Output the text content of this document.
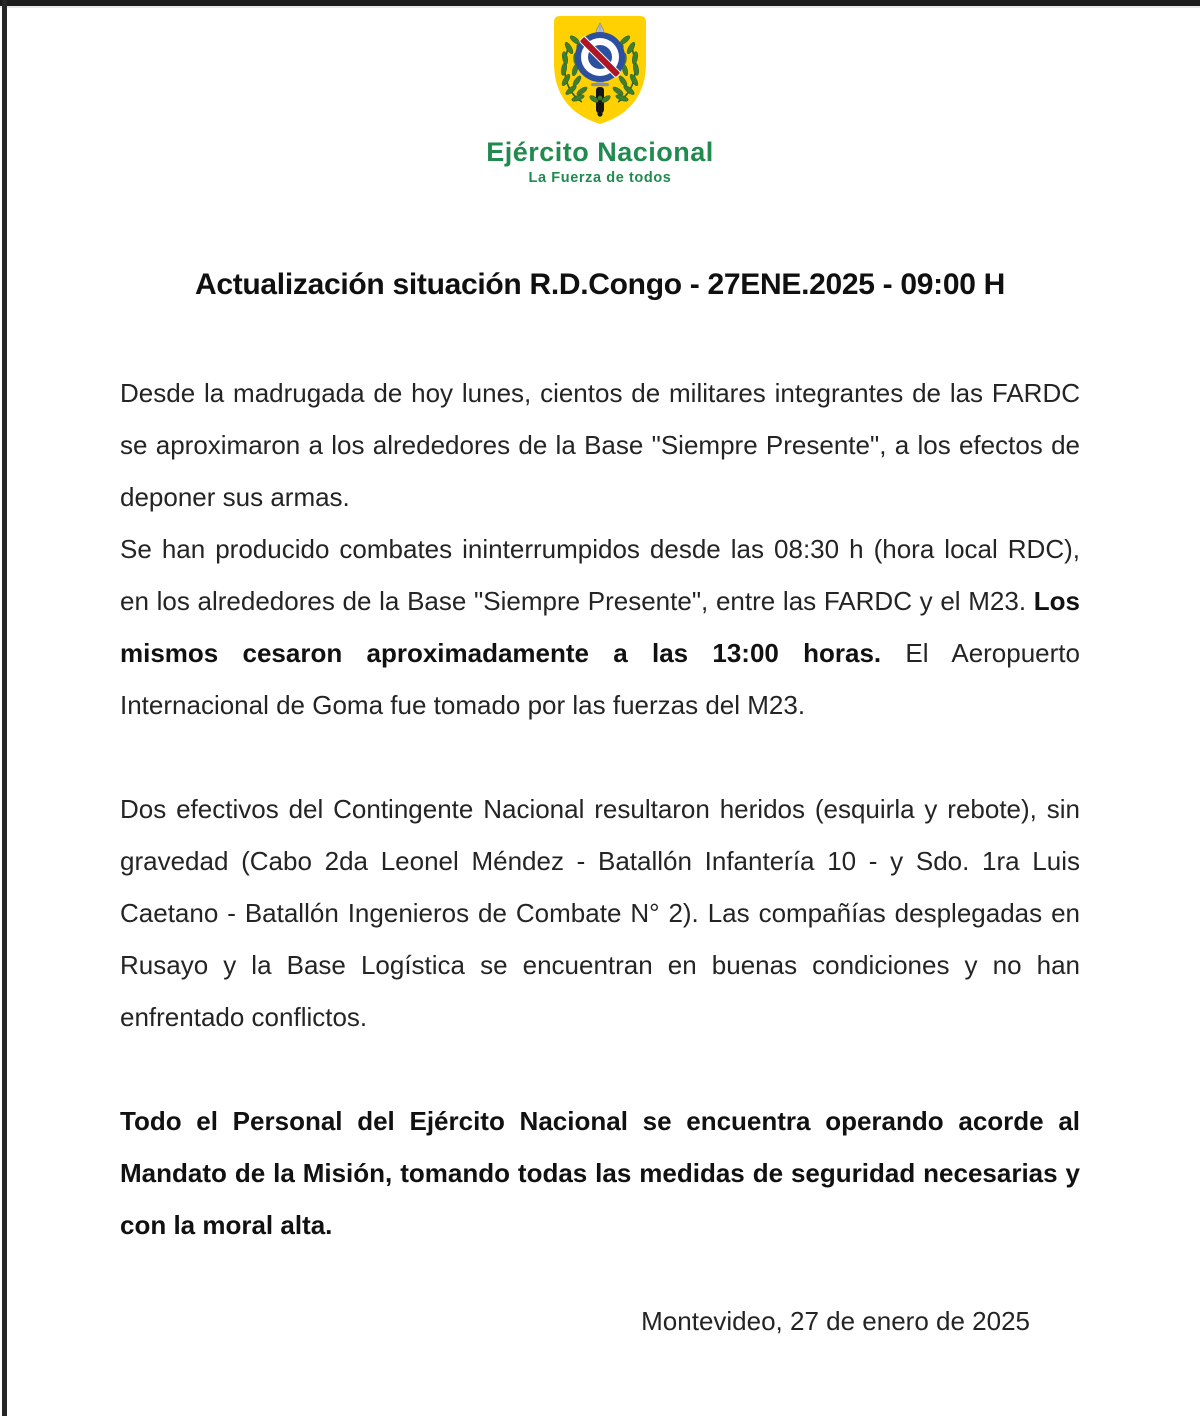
Ejército Nacional
La Fuerza de todos
Actualización situación R.D.Congo - 27ENE.2025 - 09:00 H

Desde la madrugada de hoy lunes, cientos de militares integrantes de las FARDC se aproximaron a los alrededores de la Base "Siempre Presente", a los efectos de deponer sus armas.

Se han producido combates ininterrumpidos desde las 08:30 h (hora local RDC), en los alrededores de la Base "Siempre Presente", entre las FARDC y el M23. Los mismos cesaron aproximadamente a las 13:00 horas. El Aeropuerto Internacional de Goma fue tomado por las fuerzas del M23.

Dos efectivos del Contingente Nacional resultaron heridos (esquirla y rebote), sin gravedad (Cabo 2da Leonel Méndez - Batallón Infantería 10 - y Sdo. 1ra Luis Caetano - Batallón Ingenieros de Combate N° 2). Las compañías desplegadas en Rusayo y la Base Logística se encuentran en buenas condiciones y no han enfrentado conflictos.

Todo el Personal del Ejército Nacional se encuentra operando acorde al Mandato de la Misión, tomando todas las medidas de seguridad necesarias y con la moral alta.

Montevideo, 27 de enero de 2025
